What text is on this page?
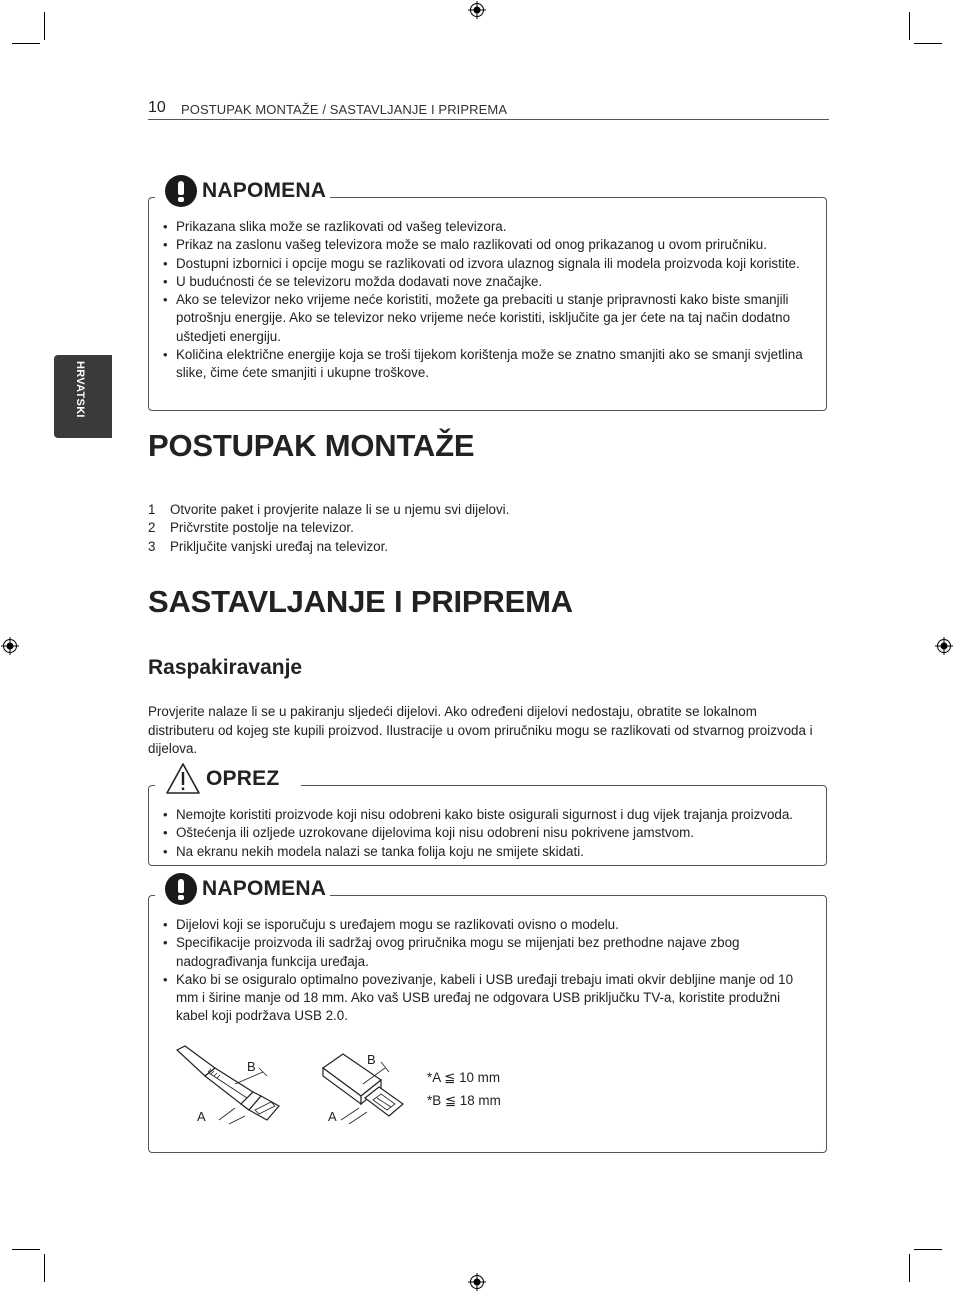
10 POSTUPAK MONTAŽE / SASTAVLJANJE I PRIPREMA
HRVATSKI
NAPOMENA
• Prikazana slika može se razlikovati od vašeg televizora.
• Prikaz na zaslonu vašeg televizora može se malo razlikovati od onog prikazanog u ovom priručniku.
• Dostupni izbornici i opcije mogu se razlikovati od izvora ulaznog signala ili modela proizvoda koji koristite.
• U budućnosti će se televizoru možda dodavati nove značajke.
• Ako se televizor neko vrijeme neće koristiti, možete ga prebaciti u stanje pripravnosti kako biste smanjili potrošnju energije. Ako se televizor neko vrijeme neće koristiti, isključite ga jer ćete na taj način dodatno uštedjeti energiju.
• Količina električne energije koja se troši tijekom korištenja može se znatno smanjiti ako se smanji svjetlina slike, čime ćete smanjiti i ukupne troškove.
POSTUPAK MONTAŽE
1	Otvorite paket i provjerite nalaze li se u njemu svi dijelovi.
2	Pričvrstite postolje na televizor.
3	Priključite vanjski uređaj na televizor.
SASTAVLJANJE I PRIPREMA
Raspakiravanje
Provjerite nalaze li se u pakiranju sljedeći dijelovi. Ako određeni dijelovi nedostaju, obratite se lokalnom distributeru od kojeg ste kupili proizvod. Ilustracije u ovom priručniku mogu se razlikovati od stvarnog proizvoda i dijelova.
OPREZ
• Nemojte koristiti proizvode koji nisu odobreni kako biste osigurali sigurnost i dug vijek trajanja proizvoda.
• Oštećenja ili ozljede uzrokovane dijelovima koji nisu odobreni nisu pokrivene jamstvom.
• Na ekranu nekih modela nalazi se tanka folija koju ne smijete skidati.
NAPOMENA
• Dijelovi koji se isporučuju s uređajem mogu se razlikovati ovisno o modelu.
• Specifikacije proizvoda ili sadržaj ovog priručnika mogu se mijenjati bez prethodne najave zbog nadograđivanja funkcija uređaja.
• Kako bi se osiguralo optimalno povezivanje, kabeli i USB uređaji trebaju imati okvir debljine manje od 10 mm i širine manje od 18 mm. Ako vaš USB uređaj ne odgovara USB priključku TV-a, koristite produžni kabel koji podržava USB 2.0.
B
A
B
A
*A ≦ 10 mm
*B ≦ 18 mm
